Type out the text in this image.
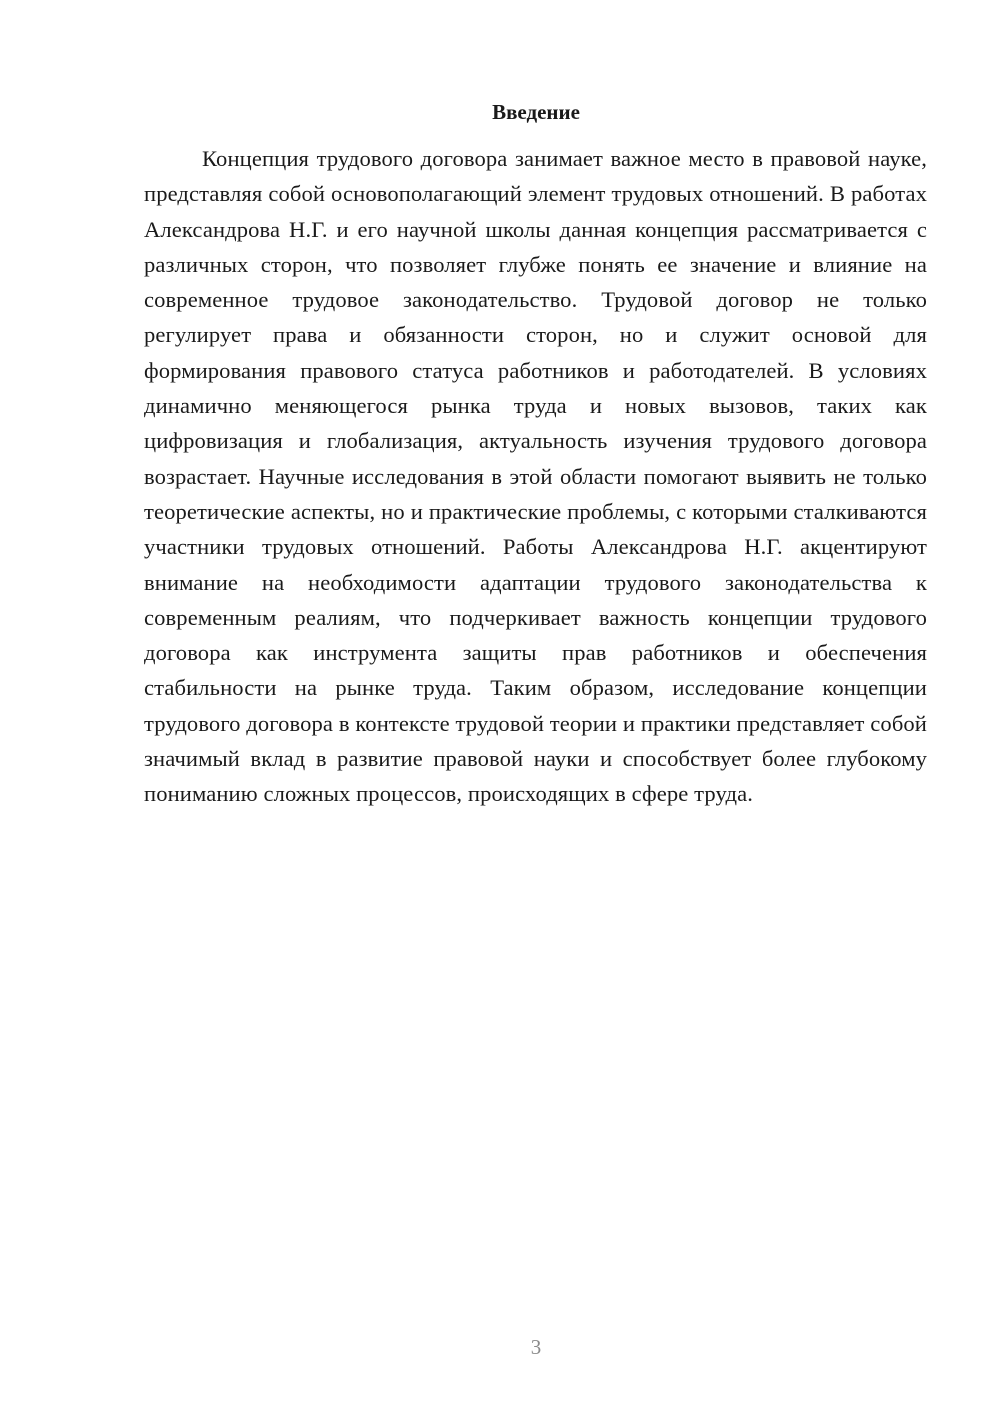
Введение

Концепция трудового договора занимает важное место в правовой науке, представляя собой основополагающий элемент трудовых отношений. В работах Александрова Н.Г. и его научной школы данная концепция рассматривается с различных сторон, что позволяет глубже понять ее значение и влияние на современное трудовое законодательство. Трудовой договор не только регулирует права и обязанности сторон, но и служит основой для формирования правового статуса работников и работодателей. В условиях динамично меняющегося рынка труда и новых вызовов, таких как цифровизация и глобализация, актуальность изучения трудового договора возрастает. Научные исследования в этой области помогают выявить не только теоретические аспекты, но и практические проблемы, с которыми сталкиваются участники трудовых отношений. Работы Александрова Н.Г. акцентируют внимание на необходимости адаптации трудового законодательства к современным реалиям, что подчеркивает важность концепции трудового договора как инструмента защиты прав работников и обеспечения стабильности на рынке труда. Таким образом, исследование концепции трудового договора в контексте трудовой теории и практики представляет собой значимый вклад в развитие правовой науки и способствует более глубокому пониманию сложных процессов, происходящих в сфере труда.

3
